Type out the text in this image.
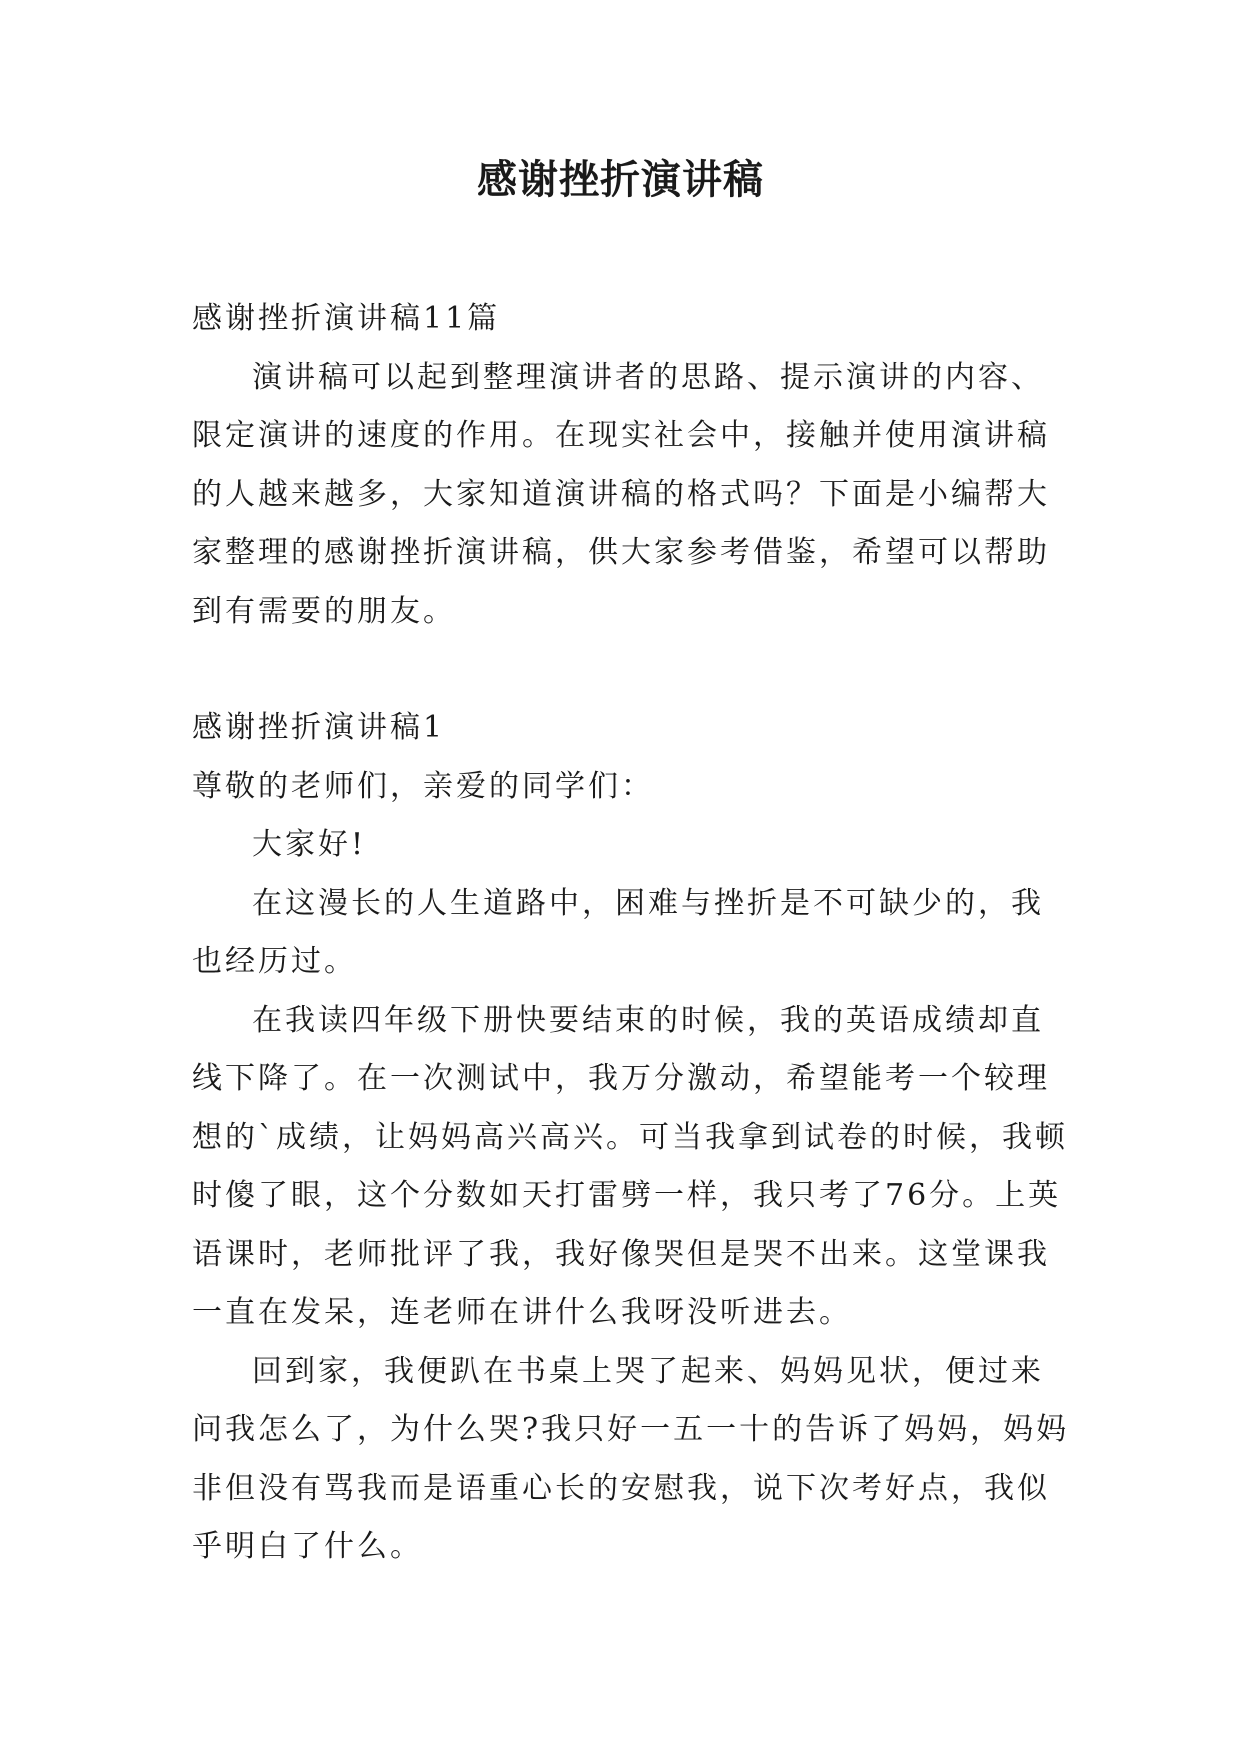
感谢挫折演讲稿

感谢挫折演讲稿11篇

演讲稿可以起到整理演讲者的思路、提示演讲的内容、限定演讲的速度的作用。在现实社会中，接触并使用演讲稿的人越来越多，大家知道演讲稿的格式吗？下面是小编帮大家整理的感谢挫折演讲稿，供大家参考借鉴，希望可以帮助到有需要的朋友。

感谢挫折演讲稿1

尊敬的老师们，亲爱的同学们：

大家好!

在这漫长的人生道路中，困难与挫折是不可缺少的，我也经历过。

在我读四年级下册快要结束的时候，我的英语成绩却直线下降了。在一次测试中，我万分激动，希望能考一个较理想的`成绩，让妈妈高兴高兴。可当我拿到试卷的时候，我顿时傻了眼，这个分数如天打雷劈一样，我只考了76分。上英语课时，老师批评了我，我好像哭但是哭不出来。这堂课我一直在发呆，连老师在讲什么我呀没听进去。

回到家，我便趴在书桌上哭了起来、妈妈见状，便过来问我怎么了，为什么哭?我只好一五一十的告诉了妈妈，妈妈非但没有骂我而是语重心长的安慰我，说下次考好点，我似乎明白了什么。
